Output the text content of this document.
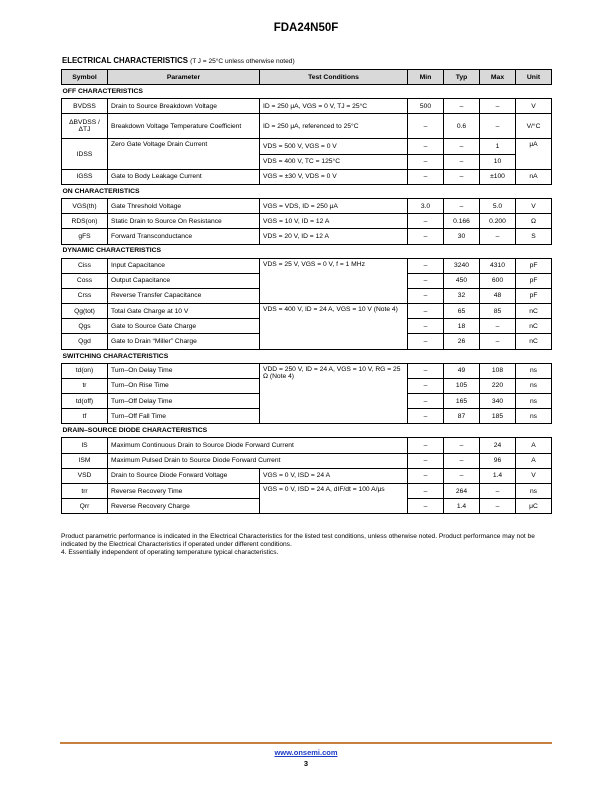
FDA24N50F
ELECTRICAL CHARACTERISTICS (T J = 25°C unless otherwise noted)
Symbol	Parameter	Test Conditions	Min	Typ	Max	Unit
OFF CHARACTERISTICS						
BVDSS	Drain to Source Breakdown Voltage	ID = 250 μA, VGS = 0 V, TJ = 25°C	500	–	–	V
ΔBVDSS / ΔTJ	Breakdown Voltage Temperature Coefficient	ID = 250 μA, referenced to 25°C	–	0.6	–	V/°C
IDSS	Zero Gate Voltage Drain Current	VDS = 500 V, VGS = 0 V	–	–	1	μA
		VDS = 400 V, TC = 125°C	–	–	10	
IGSS	Gate to Body Leakage Current	VGS = ±30 V, VDS = 0 V	–	–	±100	nA
ON CHARACTERISTICS						
VGS(th)	Gate Threshold Voltage	VGS = VDS, ID = 250 μA	3.0	–	5.0	V
RDS(on)	Static Drain to Source On Resistance	VGS = 10 V, ID = 12 A	–	0.166	0.200	Ω
gFS	Forward Transconductance	VDS = 20 V, ID = 12 A	–	30	–	S
DYNAMIC CHARACTERISTICS						
Ciss	Input Capacitance	VDS = 25 V, VGS = 0 V, f = 1 MHz	–	3240	4310	pF
Coss	Output Capacitance		–	450	600	pF
Crss	Reverse Transfer Capacitance		–	32	48	pF
Qg(tot)	Total Gate Charge at 10 V	VDS = 400 V, ID = 24 A, VGS = 10 V (Note 4)	–	65	85	nC
Qgs	Gate to Source Gate Charge		–	18	–	nC
Qgd	Gate to Drain “Miller” Charge		–	26	–	nC
SWITCHING CHARACTERISTICS						
td(on)	Turn–On Delay Time	VDD = 250 V, ID = 24 A, VGS = 10 V, RG = 25 Ω (Note 4)	–	49	108	ns
tr	Turn–On Rise Time		–	105	220	ns
td(off)	Turn–Off Delay Time		–	165	340	ns
tf	Turn–Off Fall Time		–	87	185	ns
DRAIN–SOURCE DIODE CHARACTERISTICS						
IS	Maximum Continuous Drain to Source Diode Forward Current		–	–	24	A
ISM	Maximum Pulsed Drain to Source Diode Forward Current		–	–	96	A
VSD	Drain to Source Diode Forward Voltage	VGS = 0 V, ISD = 24 A	–	–	1.4	V
trr	Reverse Recovery Time	VGS = 0 V, ISD = 24 A, dIF/dt = 100 A/μs	–	264	–	ns
Qrr	Reverse Recovery Charge		–	1.4	–	μC
Product parametric performance is indicated in the Electrical Characteristics for the listed test conditions, unless otherwise noted. Product performance may not be indicated by the Electrical Characteristics if operated under different conditions.
4. Essentially independent of operating temperature typical characteristics.
www.onsemi.com
3
